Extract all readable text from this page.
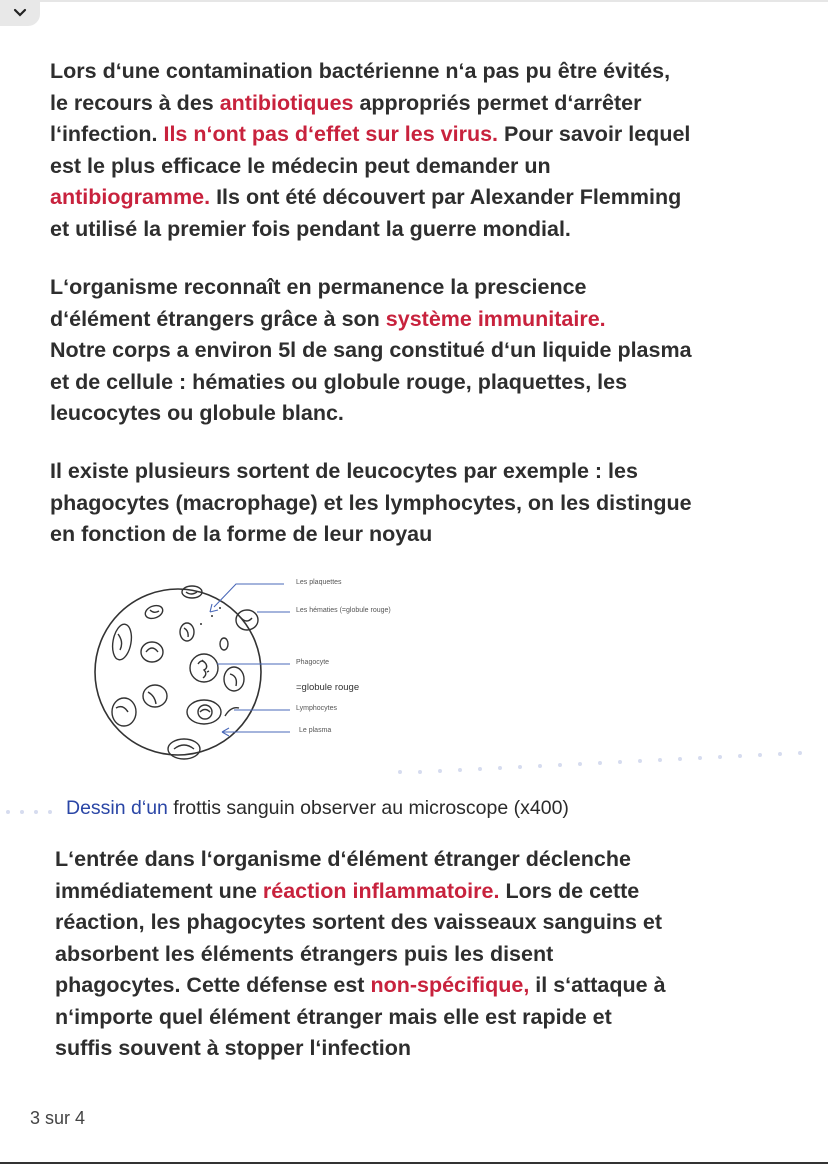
Lors d‘une contamination bactérienne n‘a pas pu être évités,
le recours à des antibiotiques appropriés permet d‘arrêter
l‘infection. Ils n‘ont pas d‘effet sur les virus. Pour savoir lequel
est le plus efficace le médecin peut demander un
antibiogramme. Ils ont été découvert par Alexander Flemming
et utilisé la premier fois pendant la guerre mondial.
L‘organisme reconnaît en permanence la prescience
d‘élément étrangers grâce à son système immunitaire.
Notre corps a environ 5l de sang constitué d‘un liquide plasma
et de cellule : hématies ou globule rouge, plaquettes, les
leucocytes ou globule blanc.
Il existe plusieurs sortent de leucocytes par exemple : les
phagocytes (macrophage) et les lymphocytes, on les distingue
en fonction de la forme de leur noyau
Les plaquettes
Les hématies (=globule rouge)
Phagocyte
=globule rouge
Lymphocytes
Le plasma

Dessin d‘un frottis sanguin observer au microscope (x400)

L‘entrée dans l‘organisme d‘élément étranger déclenche
immédiatement une réaction inflammatoire. Lors de cette
réaction, les phagocytes sortent des vaisseaux sanguins et
absorbent les éléments étrangers puis les disent
phagocytes. Cette défense est non-spécifique, il s‘attaque à
n‘importe quel élément étranger mais elle est rapide et
suffis souvent à stopper l‘infection
3 sur 4
